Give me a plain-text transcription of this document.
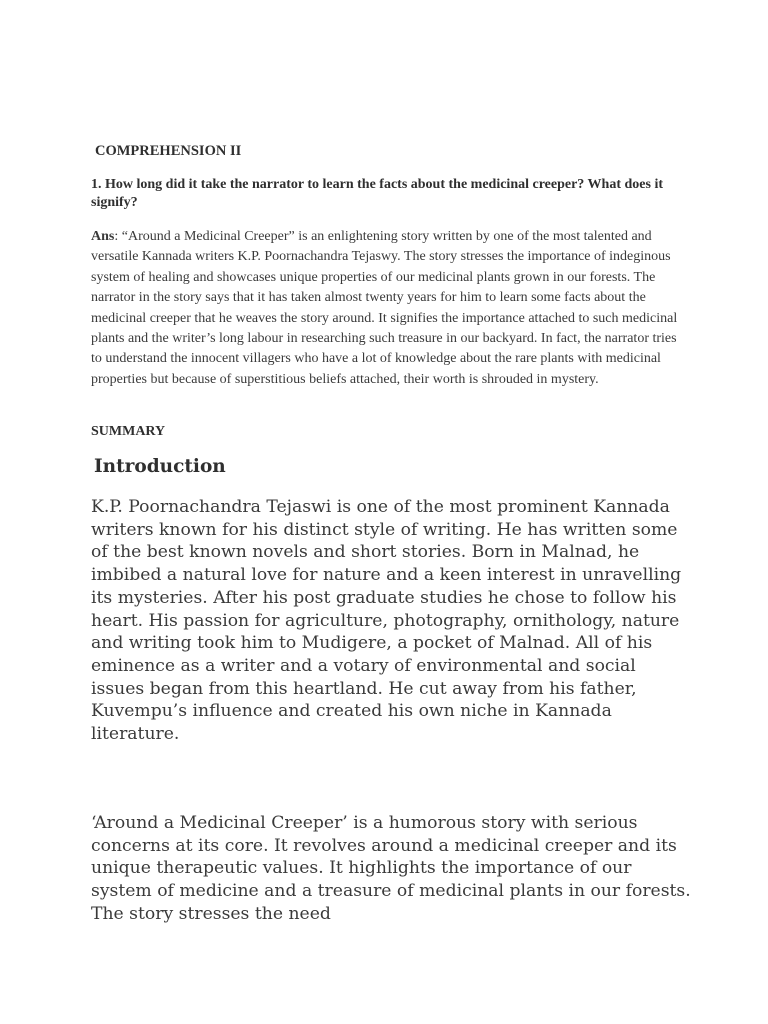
COMPREHENSION II

1. How long did it take the narrator to learn the facts about the medicinal creeper? What does it signify?

Ans: “Around a Medicinal Creeper” is an enlightening story written by one of the most talented and versatile Kannada writers K.P. Poornachandra Tejaswy. The story stresses the importance of indeginous system of healing and showcases unique properties of our medicinal plants grown in our forests. The narrator in the story says that it has taken almost twenty years for him to learn some facts about the medicinal creeper that he weaves the story around. It signifies the importance attached to such medicinal plants and the writer’s long labour in researching such treasure in our backyard. In fact, the narrator tries to understand the innocent villagers who have a lot of knowledge about the rare plants with medicinal properties but because of superstitious beliefs attached, their worth is shrouded in mystery.

SUMMARY

Introduction

K.P. Poornachandra Tejaswi is one of the most prominent Kannada writers known for his distinct style of writing. He has written some of the best known novels and short stories. Born in Malnad, he imbibed a natural love for nature and a keen interest in unravelling its mysteries. After his post graduate studies he chose to follow his heart. His passion for agriculture, photography, ornithology, nature and writing took him to Mudigere, a pocket of Malnad. All of his eminence as a writer and a votary of environmental and social issues began from this heartland. He cut away from his father, Kuvempu’s influence and created his own niche in Kannada literature.

‘Around a Medicinal Creeper’ is a humorous story with serious concerns at its core. It revolves around a medicinal creeper and its unique therapeutic values. It highlights the importance of our system of medicine and a treasure of medicinal plants in our forests. The story stresses the need
